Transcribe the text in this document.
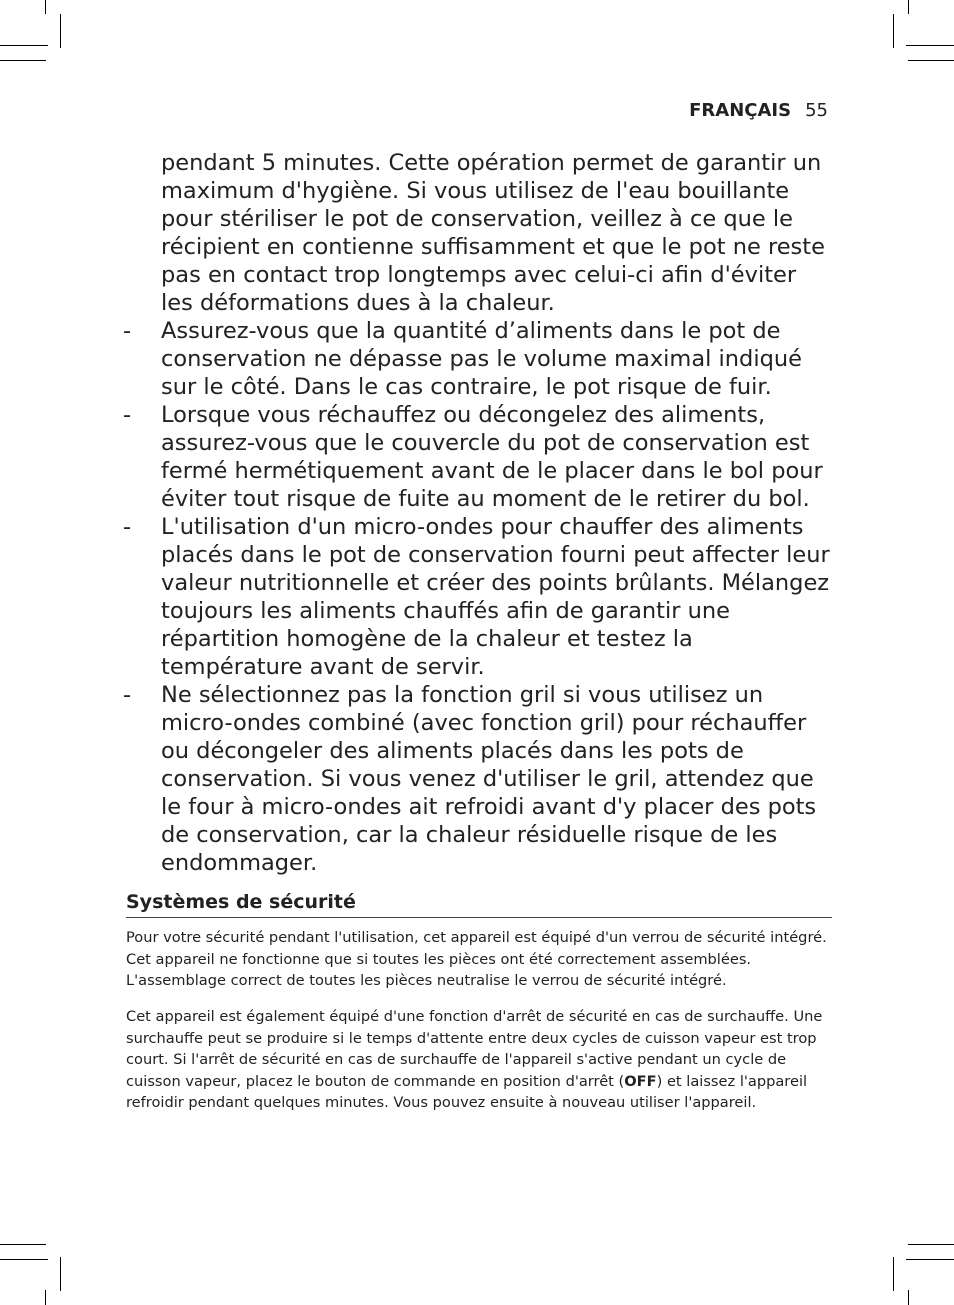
FRANÇAIS 55
pendant 5 minutes. Cette opération permet de garantir un maximum d'hygiène. Si vous utilisez de l'eau bouillante pour stériliser le pot de conservation, veillez à ce que le récipient en contienne suffisamment et que le pot ne reste pas en contact trop longtemps avec celui-ci afin d'éviter les déformations dues à la chaleur.
- Assurez-vous que la quantité d’aliments dans le pot de conservation ne dépasse pas le volume maximal indiqué sur le côté. Dans le cas contraire, le pot risque de fuir.
- Lorsque vous réchauffez ou décongelez des aliments, assurez-vous que le couvercle du pot de conservation est fermé hermétiquement avant de le placer dans le bol pour éviter tout risque de fuite au moment de le retirer du bol.
- L'utilisation d'un micro-ondes pour chauffer des aliments placés dans le pot de conservation fourni peut affecter leur valeur nutritionnelle et créer des points brûlants. Mélangez toujours les aliments chauffés afin de garantir une répartition homogène de la chaleur et testez la température avant de servir.
- Ne sélectionnez pas la fonction gril si vous utilisez un micro-ondes combiné (avec fonction gril) pour réchauffer ou décongeler des aliments placés dans les pots de conservation. Si vous venez d'utiliser le gril, attendez que le four à micro-ondes ait refroidi avant d'y placer des pots de conservation, car la chaleur résiduelle risque de les endommager.
Systèmes de sécurité

Pour votre sécurité pendant l'utilisation, cet appareil est équipé d'un verrou de sécurité intégré. Cet appareil ne fonctionne que si toutes les pièces ont été correctement assemblées. L'assemblage correct de toutes les pièces neutralise le verrou de sécurité intégré.

Cet appareil est également équipé d'une fonction d'arrêt de sécurité en cas de surchauffe. Une surchauffe peut se produire si le temps d'attente entre deux cycles de cuisson vapeur est trop court. Si l'arrêt de sécurité en cas de surchauffe de l'appareil s'active pendant un cycle de cuisson vapeur, placez le bouton de commande en position d'arrêt (OFF) et laissez l'appareil refroidir pendant quelques minutes. Vous pouvez ensuite à nouveau utiliser l'appareil.
